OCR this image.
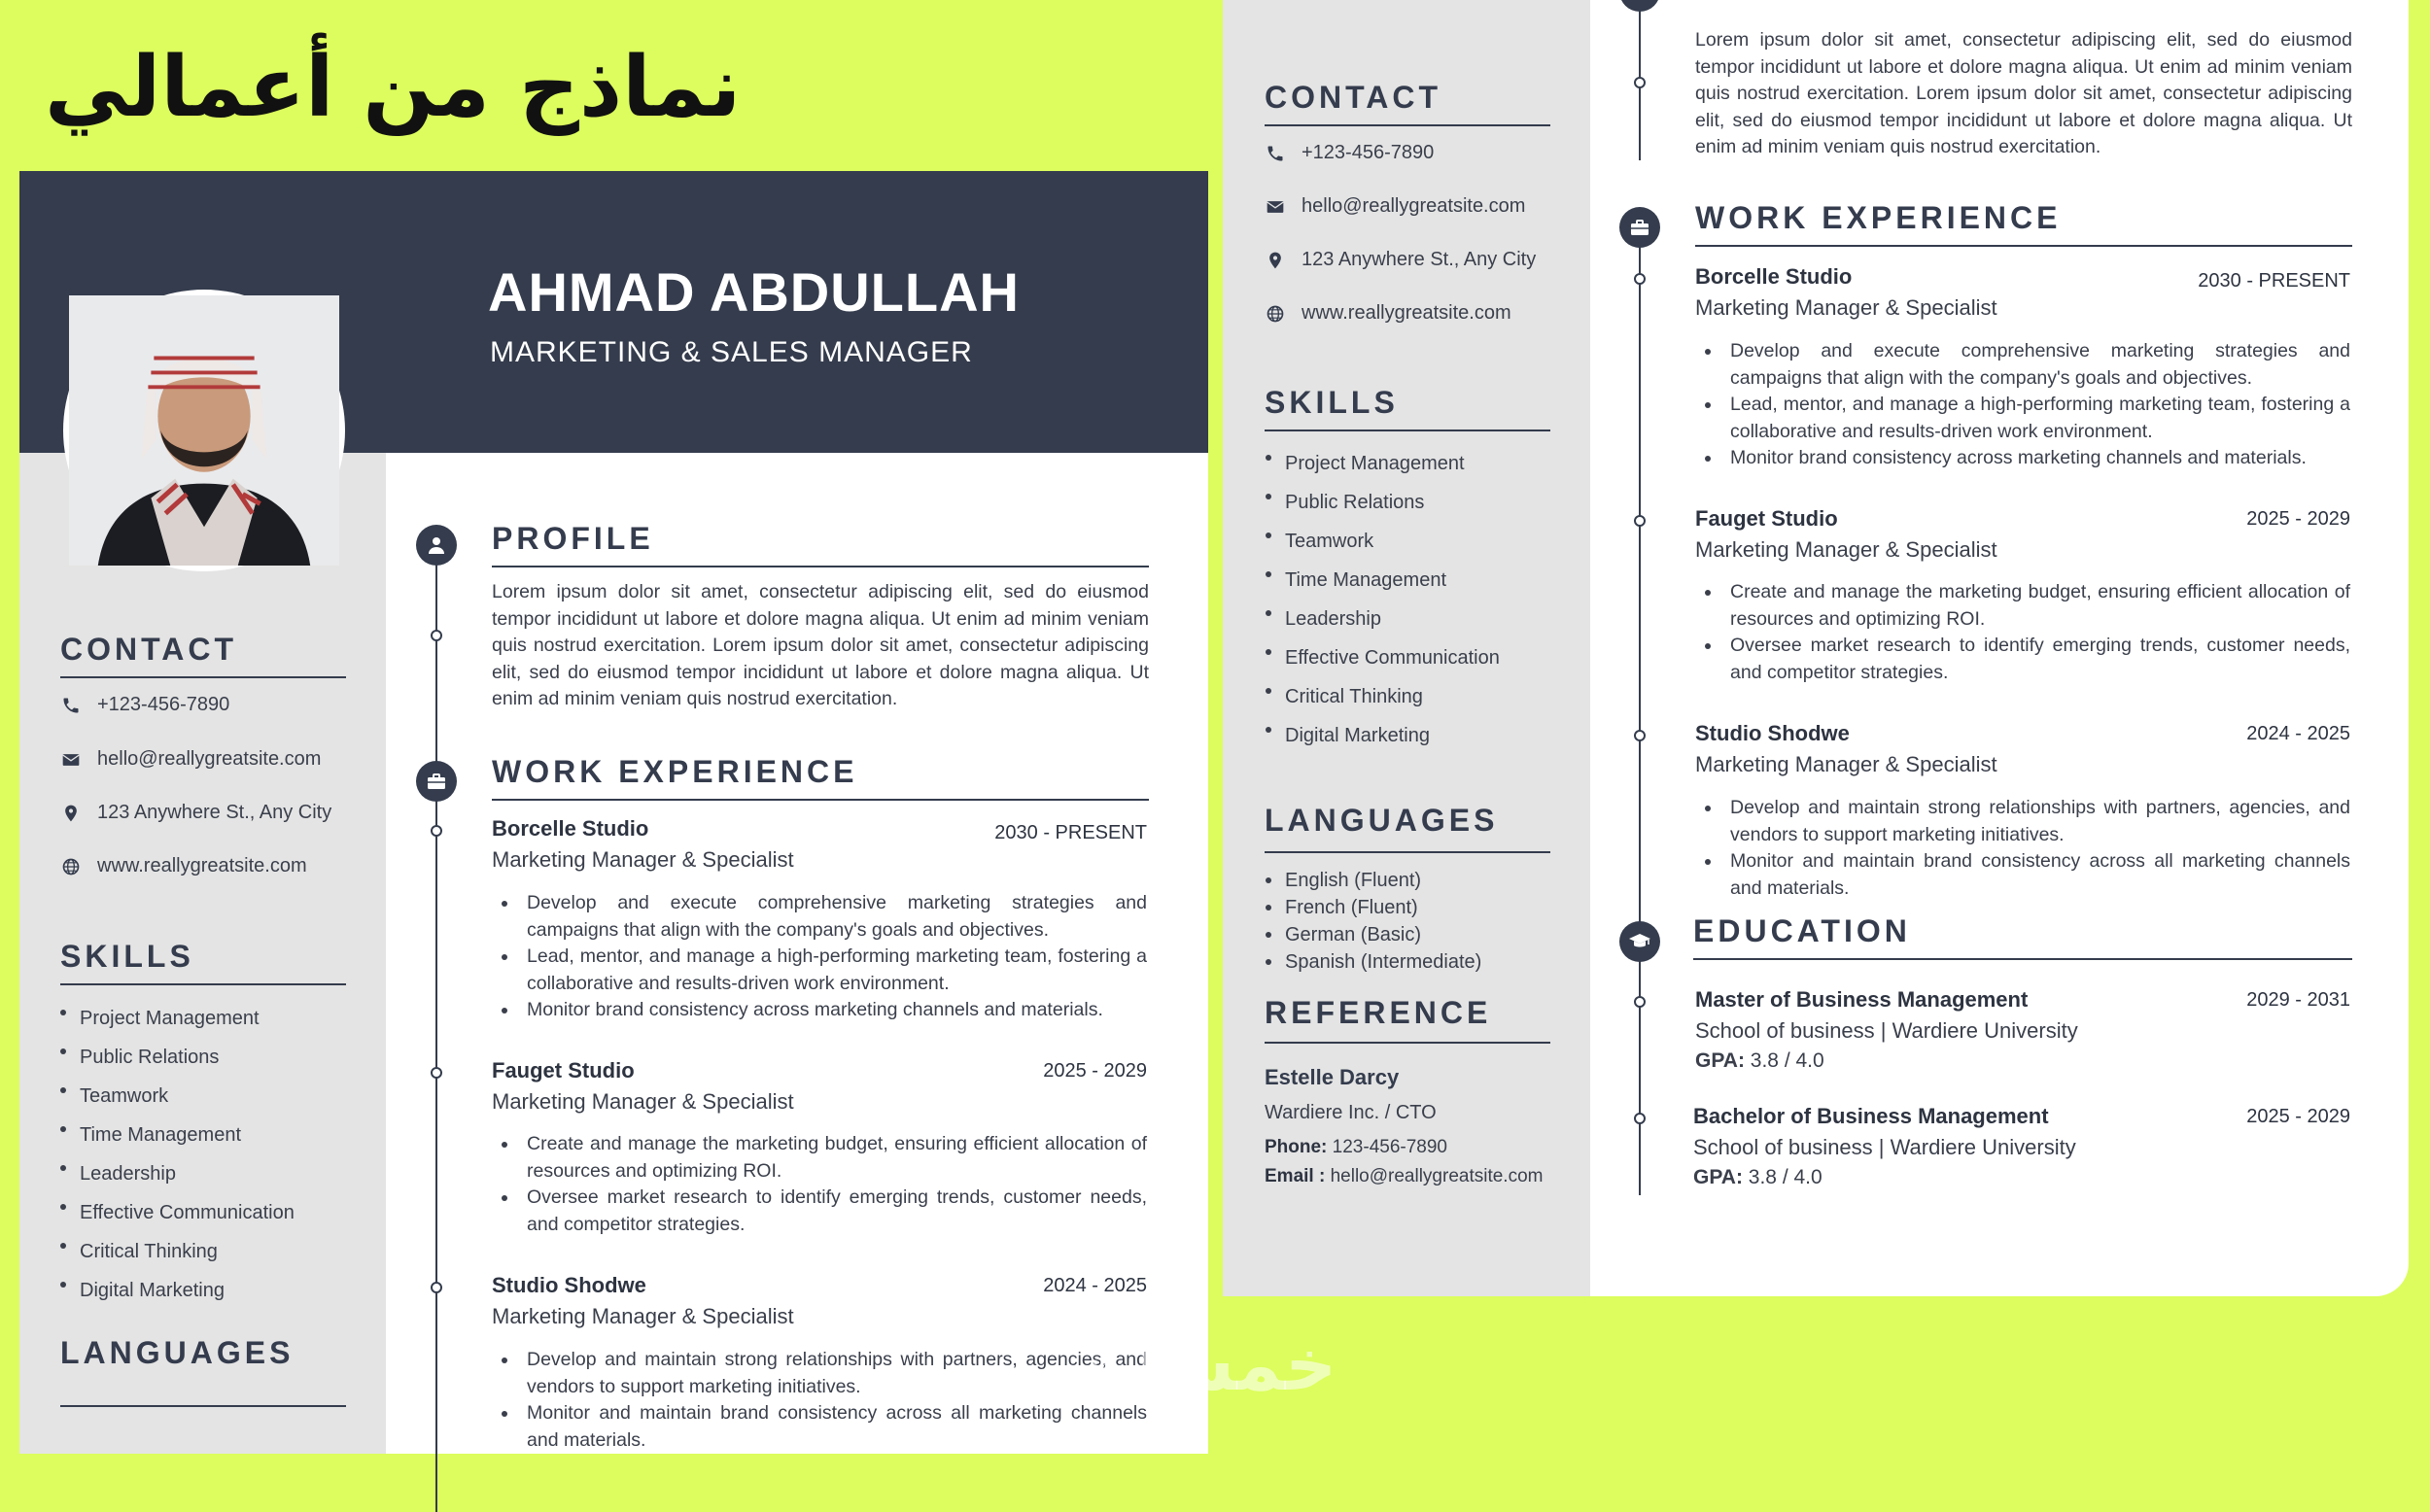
نماذج من أعمالي
AHMAD ABDULLAH
MARKETING & SALES MANAGER
CONTACT
+123-456-7890
hello@reallygreatsite.com
123 Anywhere St., Any City
www.reallygreatsite.com
SKILLS
Project Management
Public Relations
Teamwork
Time Management
Leadership
Effective Communication
Critical Thinking
Digital Marketing
LANGUAGES
PROFILE
Lorem ipsum dolor sit amet, consectetur adipiscing elit, sed do eiusmod tempor incididunt ut labore et dolore magna aliqua. Ut enim ad minim veniam quis nostrud exercitation. Lorem ipsum dolor sit amet, consectetur adipiscing elit, sed do eiusmod tempor incididunt ut labore et dolore magna aliqua. Ut enim ad minim veniam quis nostrud exercitation.
WORK EXPERIENCE
Borcelle Studio	2030 - PRESENT
Marketing Manager & Specialist
Develop and execute comprehensive marketing strategies and campaigns that align with the company's goals and objectives.
Lead, mentor, and manage a high-performing marketing team, fostering a collaborative and results-driven work environment.
Monitor brand consistency across marketing channels and materials.
Fauget Studio	2025 - 2029
Marketing Manager & Specialist
Create and manage the marketing budget, ensuring efficient allocation of resources and optimizing ROI.
Oversee market research to identify emerging trends, customer needs, and competitor strategies.
Studio Shodwe	2024 - 2025
Marketing Manager & Specialist
Develop and maintain strong relationships with partners, agencies, and vendors to support marketing initiatives.
Monitor and maintain brand consistency across all marketing channels and materials.
CONTACT
+123-456-7890
hello@reallygreatsite.com
123 Anywhere St., Any City
www.reallygreatsite.com
SKILLS
Project Management
Public Relations
Teamwork
Time Management
Leadership
Effective Communication
Critical Thinking
Digital Marketing
LANGUAGES
English (Fluent)
French (Fluent)
German (Basic)
Spanish (Intermediate)
REFERENCE
Estelle Darcy
Wardiere Inc. / CTO
Phone: 123-456-7890
Email : hello@reallygreatsite.com
Lorem ipsum dolor sit amet, consectetur adipiscing elit, sed do eiusmod tempor incididunt ut labore et dolore magna aliqua. Ut enim ad minim veniam quis nostrud exercitation. Lorem ipsum dolor sit amet, consectetur adipiscing elit, sed do eiusmod tempor incididunt ut labore et dolore magna aliqua. Ut enim ad minim veniam quis nostrud exercitation.
WORK EXPERIENCE
Borcelle Studio	2030 - PRESENT
Marketing Manager & Specialist
Develop and execute comprehensive marketing strategies and campaigns that align with the company's goals and objectives.
Lead, mentor, and manage a high-performing marketing team, fostering a collaborative and results-driven work environment.
Monitor brand consistency across marketing channels and materials.
Fauget Studio	2025 - 2029
Marketing Manager & Specialist
Create and manage the marketing budget, ensuring efficient allocation of resources and optimizing ROI.
Oversee market research to identify emerging trends, customer needs, and competitor strategies.
Studio Shodwe	2024 - 2025
Marketing Manager & Specialist
Develop and maintain strong relationships with partners, agencies, and vendors to support marketing initiatives.
Monitor and maintain brand consistency across all marketing channels and materials.
EDUCATION
Master of Business Management	2029 - 2031
School of business | Wardiere University
GPA: 3.8 / 4.0
Bachelor of Business Management	2025 - 2029
School of business | Wardiere University
GPA: 3.8 / 4.0
خمسات
